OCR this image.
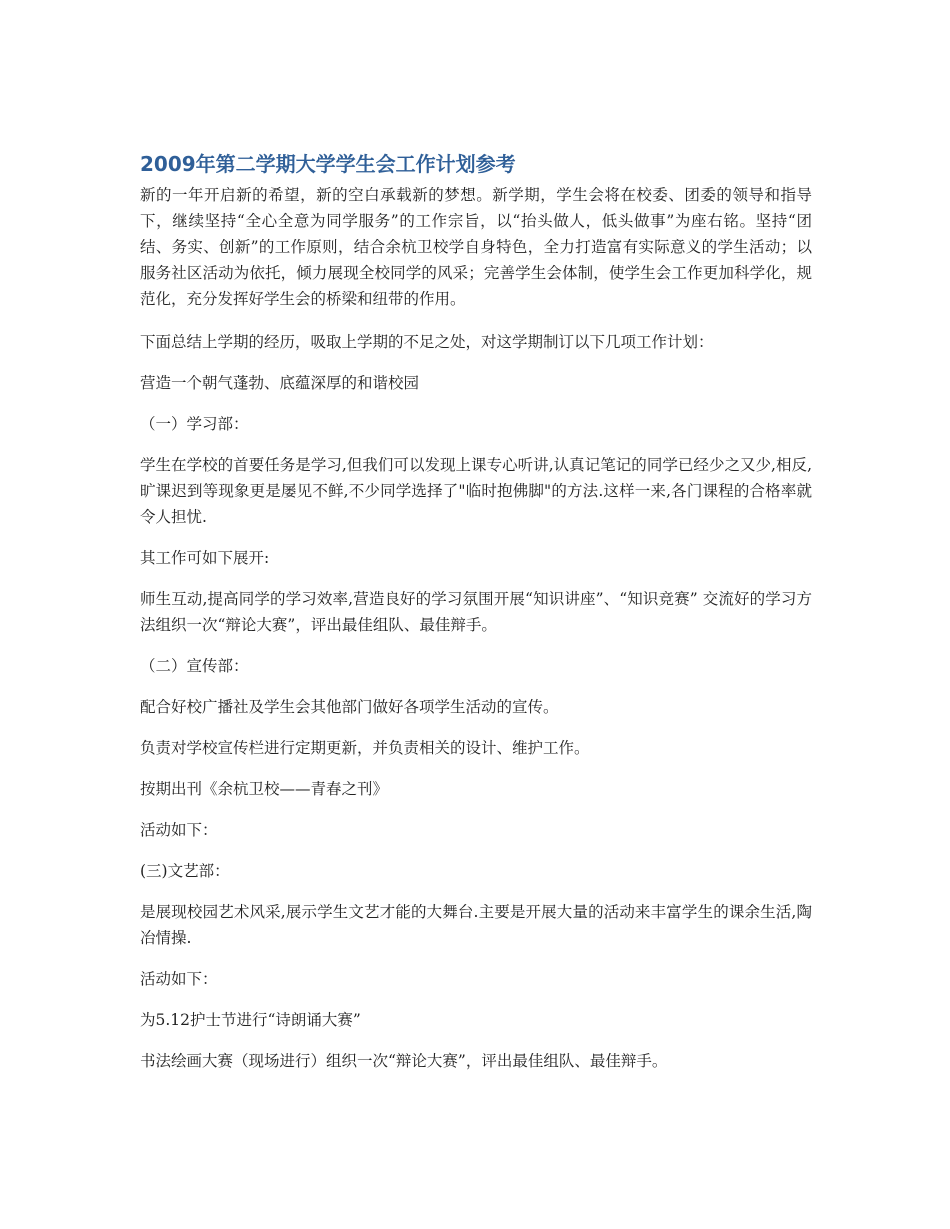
2009年第二学期大学学生会工作计划参考

新的一年开启新的希望，新的空白承载新的梦想。新学期，学生会将在校委、团委的领导和指导下，继续坚持“全心全意为同学服务”的工作宗旨，以“抬头做人，低头做事”为座右铭。坚持“团结、务实、创新”的工作原则，结合余杭卫校学自身特色，全力打造富有实际意义的学生活动；以服务社区活动为依托，倾力展现全校同学的风采；完善学生会体制，使学生会工作更加科学化，规范化，充分发挥好学生会的桥梁和纽带的作用。

下面总结上学期的经历，吸取上学期的不足之处，对这学期制订以下几项工作计划：

营造一个朝气蓬勃、底蕴深厚的和谐校园

（一）学习部：

学生在学校的首要任务是学习,但我们可以发现上课专心听讲,认真记笔记的同学已经少之又少,相反,旷课迟到等现象更是屡见不鲜,不少同学选择了"临时抱佛脚"的方法.这样一来,各门课程的合格率就令人担忧.

其工作可如下展开:

师生互动,提高同学的学习效率,营造良好的学习氛围开展“知识讲座”、“知识竞赛” 交流好的学习方法组织一次“辩论大赛”，评出最佳组队、最佳辩手。

（二）宣传部：

配合好校广播社及学生会其他部门做好各项学生活动的宣传。

负责对学校宣传栏进行定期更新，并负责相关的设计、维护工作。

按期出刊《余杭卫校——青春之刊》

活动如下：

(三)文艺部：

是展现校园艺术风采,展示学生文艺才能的大舞台.主要是开展大量的活动来丰富学生的课余生活,陶冶情操.

活动如下：

为5.12护士节进行“诗朗诵大赛”

书法绘画大赛（现场进行）组织一次“辩论大赛”，评出最佳组队、最佳辩手。
